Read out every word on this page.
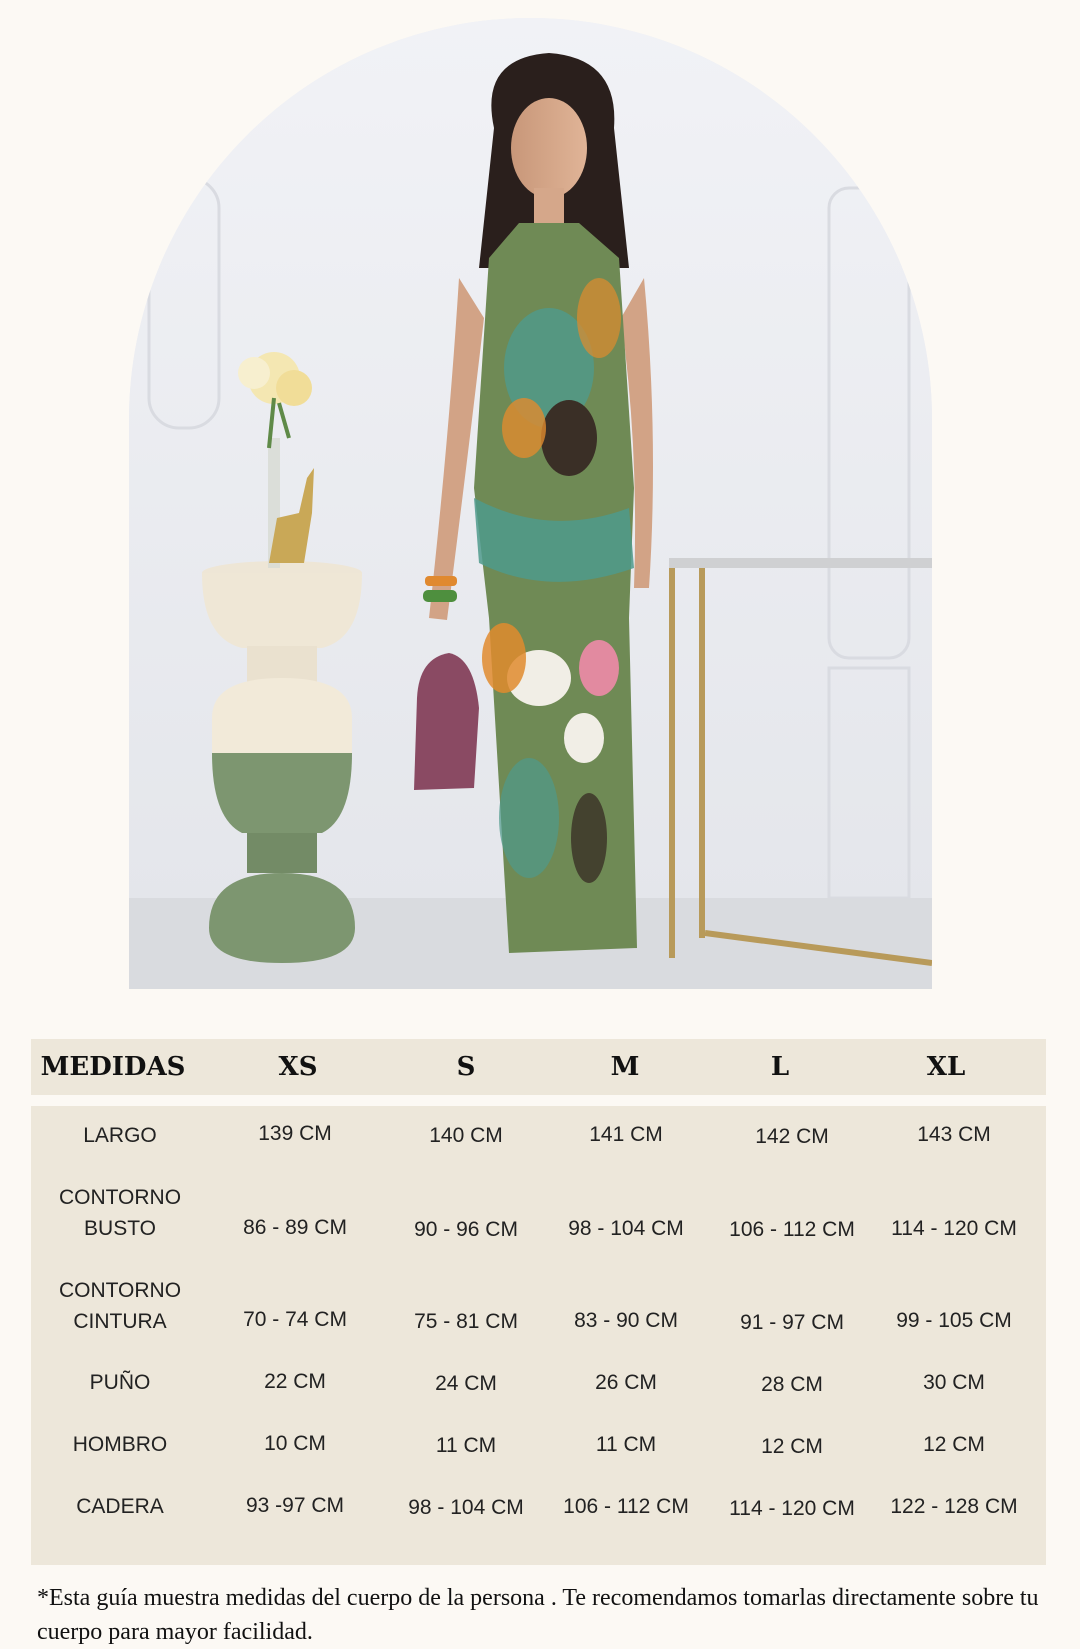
MEDIDAS	XS	S	M	L	XL
LARGO	139 CM	140 CM	141 CM	142 CM	143 CM
CONTORNO
BUSTO	86 - 89 CM	90 - 96 CM	98 - 104 CM	106 - 112 CM	114 - 120 CM
CONTORNO
CINTURA	70 - 74 CM	75 - 81 CM	83 - 90 CM	91 - 97 CM	99 - 105 CM
PUÑO	22 CM	24 CM	26 CM	28 CM	30 CM
HOMBRO	10 CM	11 CM	11 CM	12 CM	12 CM
CADERA	93 -97 CM	98 - 104 CM	106 - 112 CM	114 - 120 CM	122 - 128 CM
*Esta guía muestra medidas del cuerpo de la persona . Te recomendamos tomarlas directamente sobre tu cuerpo para mayor facilidad.
